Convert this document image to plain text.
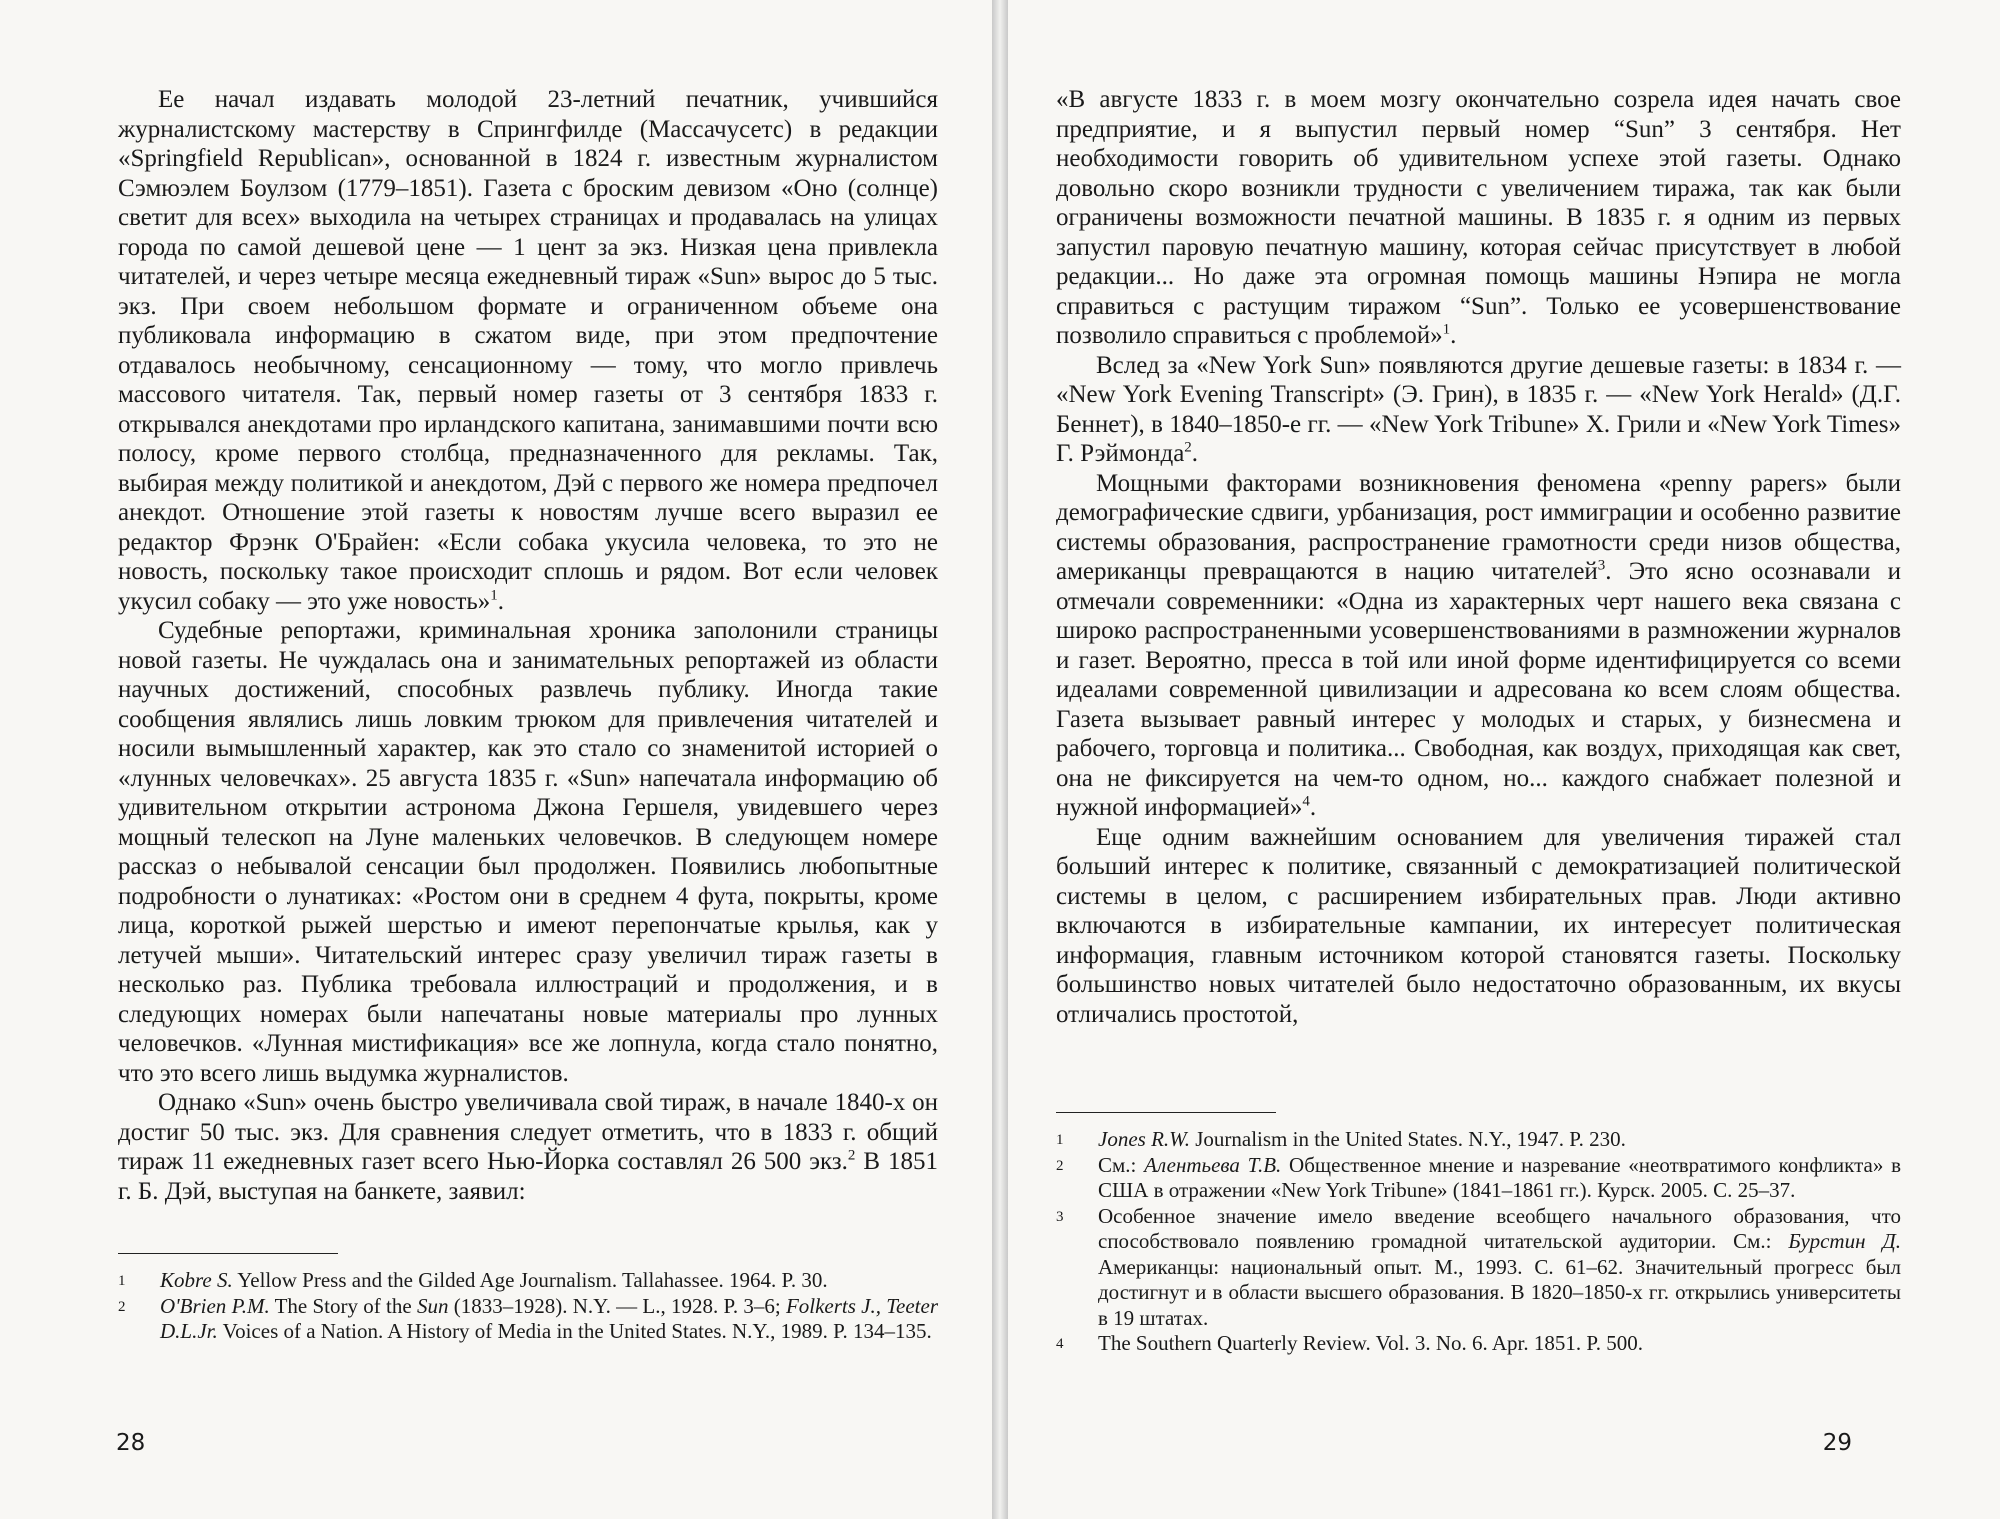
Ее начал издавать молодой 23-летний печатник, учившийся журналистскому мастерству в Спрингфилде (Массачусетс) в редакции «Springfield Republican», основанной в 1824 г. известным журналистом Сэмюэлем Боулзом (1779–1851). Газета с броским девизом «Оно (солнце) светит для всех» выходила на четырех страницах и продавалась на улицах города по самой дешевой цене — 1 цент за экз. Низкая цена привлекла читателей, и через четыре месяца ежедневный тираж «Sun» вырос до 5 тыс. экз. При своем небольшом формате и ограниченном объеме она публиковала информацию в сжатом виде, при этом предпочтение отдавалось необычному, сенсационному — тому, что могло привлечь массового читателя. Так, первый номер газеты от 3 сентября 1833 г. открывался анекдотами про ирландского капитана, занимавшими почти всю полосу, кроме первого столбца, предназначенного для рекламы. Так, выбирая между политикой и анекдотом, Дэй с первого же номера предпочел анекдот. Отношение этой газеты к новостям лучше всего выразил ее редактор Фрэнк О'Брайен: «Если собака укусила человека, то это не новость, поскольку такое происходит сплошь и рядом. Вот если человек укусил собаку — это уже новость»$^1$.

Судебные репортажи, криминальная хроника заполонили страницы новой газеты. Не чуждалась она и занимательных репортажей из области научных достижений, способных развлечь публику. Иногда такие сообщения являлись лишь ловким трюком для привлечения читателей и носили вымышленный характер, как это стало со знаменитой историей о «лунных человечках». 25 августа 1835 г. «Sun» напечатала информацию об удивительном открытии астронома Джона Гершеля, увидевшего через мощный телескоп на Луне маленьких человечков. В следующем номере рассказ о небывалой сенсации был продолжен. Появились любопытные подробности о лунатиках: «Ростом они в среднем 4 фута, покрыты, кроме лица, короткой рыжей шерстью и имеют перепончатые крылья, как у летучей мыши». Читательский интерес сразу увеличил тираж газеты в несколько раз. Публика требовала иллюстраций и продолжения, и в следующих номерах были напечатаны новые материалы про лунных человечков. «Лунная мистификация» все же лопнула, когда стало понятно, что это всего лишь выдумка журналистов.

Однако «Sun» очень быстро увеличивала свой тираж, в начале 1840-х он достиг 50 тыс. экз. Для сравнения следует отметить, что в 1833 г. общий тираж 11 ежедневных газет всего Нью-Йорка составлял 26 500 экз.$^2$ В 1851 г. Б. Дэй, выступая на банкете, заявил:

1 Kobre S. Yellow Press and the Gilded Age Journalism. Tallahassee. 1964. P. 30.
2 O'Brien P.M. The Story of the Sun (1833–1928). N.Y. — L., 1928. P. 3–6; Folkerts J., Teeter D.L.Jr. Voices of a Nation. A History of Media in the United States. N.Y., 1989. P. 134–135.
28

«В августе 1833 г. в моем мозгу окончательно созрела идея начать свое предприятие, и я выпустил первый номер “Sun” 3 сентября. Нет необходимости говорить об удивительном успехе этой газеты. Однако довольно скоро возникли трудности с увеличением тиража, так как были ограничены возможности печатной машины. В 1835 г. я одним из первых запустил паровую печатную машину, которая сейчас присутствует в любой редакции... Но даже эта огромная помощь машины Нэпира не могла справиться с растущим тиражом “Sun”. Только ее усовершенствование позволило справиться с проблемой»$^1$.

Вслед за «New York Sun» появляются другие дешевые газеты: в 1834 г. — «New York Evening Transcript» (Э. Грин), в 1835 г. — «New York Herald» (Д.Г. Беннет), в 1840–1850-е гг. — «New York Tribune» Х. Грили и «New York Times» Г. Рэймонда$^2$.

Мощными факторами возникновения феномена «penny papers» были демографические сдвиги, урбанизация, рост иммиграции и особенно развитие системы образования, распространение грамотности среди низов общества, американцы превращаются в нацию читателей$^3$. Это ясно осознавали и отмечали современники: «Одна из характерных черт нашего века связана с широко распространенными усовершенствованиями в размножении журналов и газет. Вероятно, пресса в той или иной форме идентифицируется со всеми идеалами современной цивилизации и адресована ко всем слоям общества. Газета вызывает равный интерес у молодых и старых, у бизнесмена и рабочего, торговца и политика... Свободная, как воздух, приходящая как свет, она не фиксируется на чем-то одном, но... каждого снабжает полезной и нужной информацией»$^4$.

Еще одним важнейшим основанием для увеличения тиражей стал больший интерес к политике, связанный с демократизацией политической системы в целом, с расширением избирательных прав. Люди активно включаются в избирательные кампании, их интересует политическая информация, главным источником которой становятся газеты. Поскольку большинство новых читателей было недостаточно образованным, их вкусы отличались простотой,

1 Jones R.W. Journalism in the United States. N.Y., 1947. P. 230.
2 См.: Алентьева Т.В. Общественное мнение и назревание «неотвратимого конфликта» в США в отражении «New York Tribune» (1841–1861 гг.). Курск. 2005. С. 25–37.
3 Особенное значение имело введение всеобщего начального образования, что способствовало появлению громадной читательской аудитории. См.: Бурстин Д. Американцы: национальный опыт. М., 1993. С. 61–62. Значительный прогресс был достигнут и в области высшего образования. В 1820–1850-х гг. открылись университеты в 19 штатах.
4 The Southern Quarterly Review. Vol. 3. No. 6. Apr. 1851. P. 500.
29
